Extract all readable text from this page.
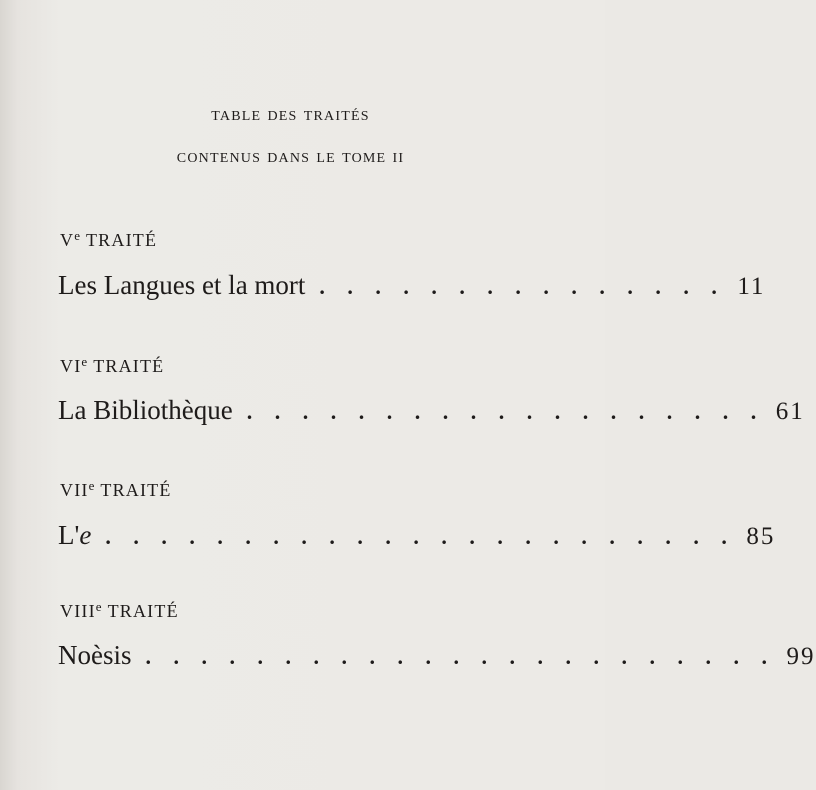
table des traités
contenus dans le tome ii
Ve TRAITÉ
Les Langues et la mort . . . . . . . . . . . . . . . 11
VIe TRAITÉ
La Bibliothèque . . . . . . . . . . . . . . . . . . . 61
VIIe TRAITÉ
L'e . . . . . . . . . . . . . . . . . . . . . . . 85
VIIIe TRAITÉ
Noèsis . . . . . . . . . . . . . . . . . . . . . . . 99
